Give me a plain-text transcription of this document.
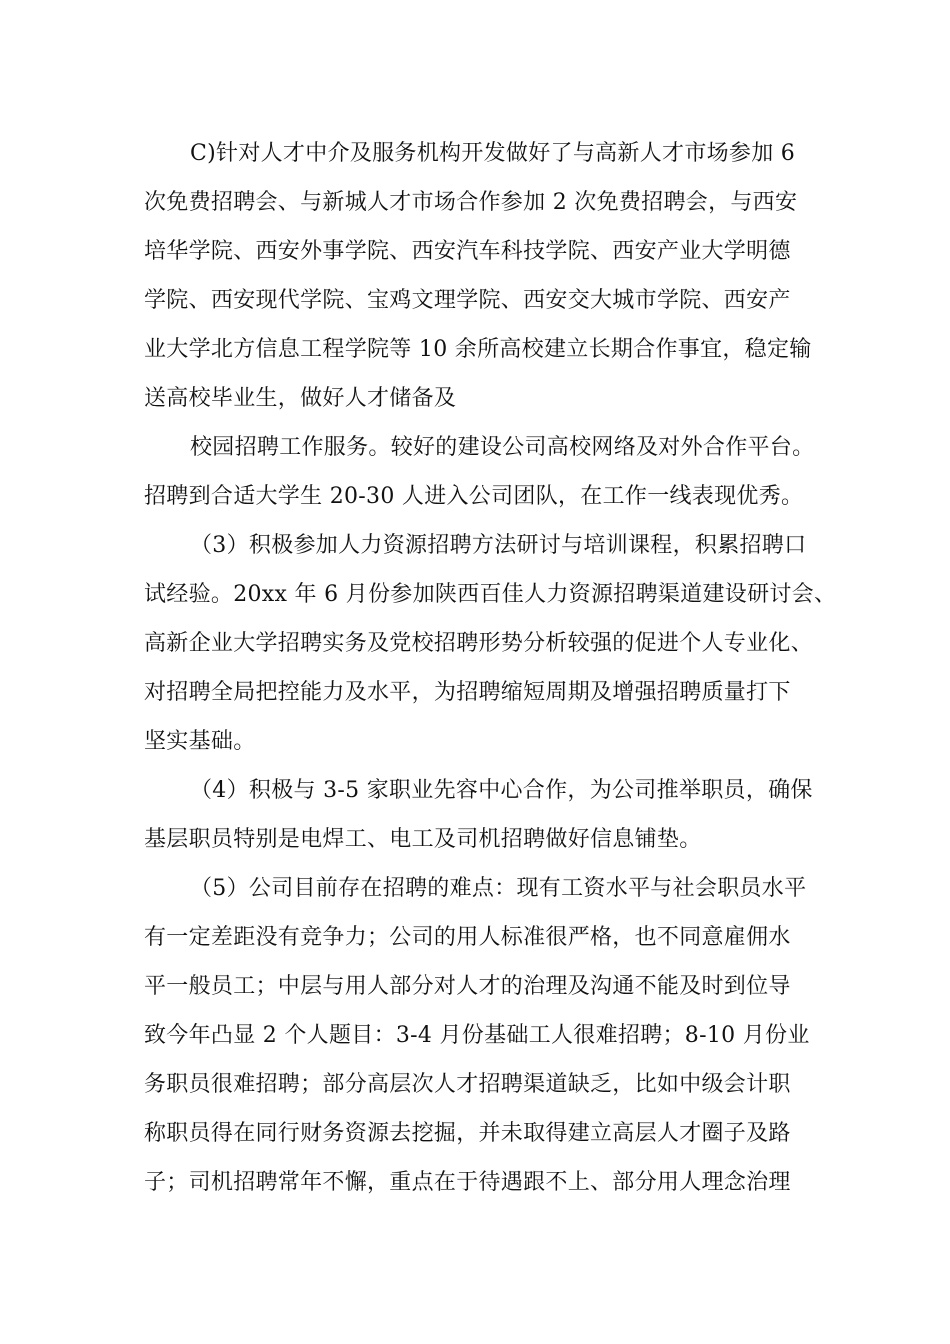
C)针对人才中介及服务机构开发做好了与高新人才市场参加 6
次免费招聘会、与新城人才市场合作参加 2 次免费招聘会，与西安
培华学院、西安外事学院、西安汽车科技学院、西安产业大学明德
学院、西安现代学院、宝鸡文理学院、西安交大城市学院、西安产
业大学北方信息工程学院等 10 余所高校建立长期合作事宜，稳定输
送高校毕业生，做好人才储备及
校园招聘工作服务。较好的建设公司高校网络及对外合作平台。
招聘到合适大学生 20-30 人进入公司团队，在工作一线表现优秀。
（3）积极参加人力资源招聘方法研讨与培训课程，积累招聘口
试经验。20xx 年 6 月份参加陕西百佳人力资源招聘渠道建设研讨会、
高新企业大学招聘实务及党校招聘形势分析较强的促进个人专业化、
对招聘全局把控能力及水平，为招聘缩短周期及增强招聘质量打下
坚实基础。
（4）积极与 3-5 家职业先容中心合作，为公司推举职员，确保
基层职员特别是电焊工、电工及司机招聘做好信息铺垫。
（5）公司目前存在招聘的难点：现有工资水平与社会职员水平
有一定差距没有竞争力；公司的用人标准很严格，也不同意雇佣水
平一般员工；中层与用人部分对人才的治理及沟通不能及时到位导
致今年凸显 2 个人题目：3-4 月份基础工人很难招聘；8-10 月份业
务职员很难招聘；部分高层次人才招聘渠道缺乏，比如中级会计职
称职员得在同行财务资源去挖掘，并未取得建立高层人才圈子及路
子；司机招聘常年不懈，重点在于待遇跟不上、部分用人理念治理
